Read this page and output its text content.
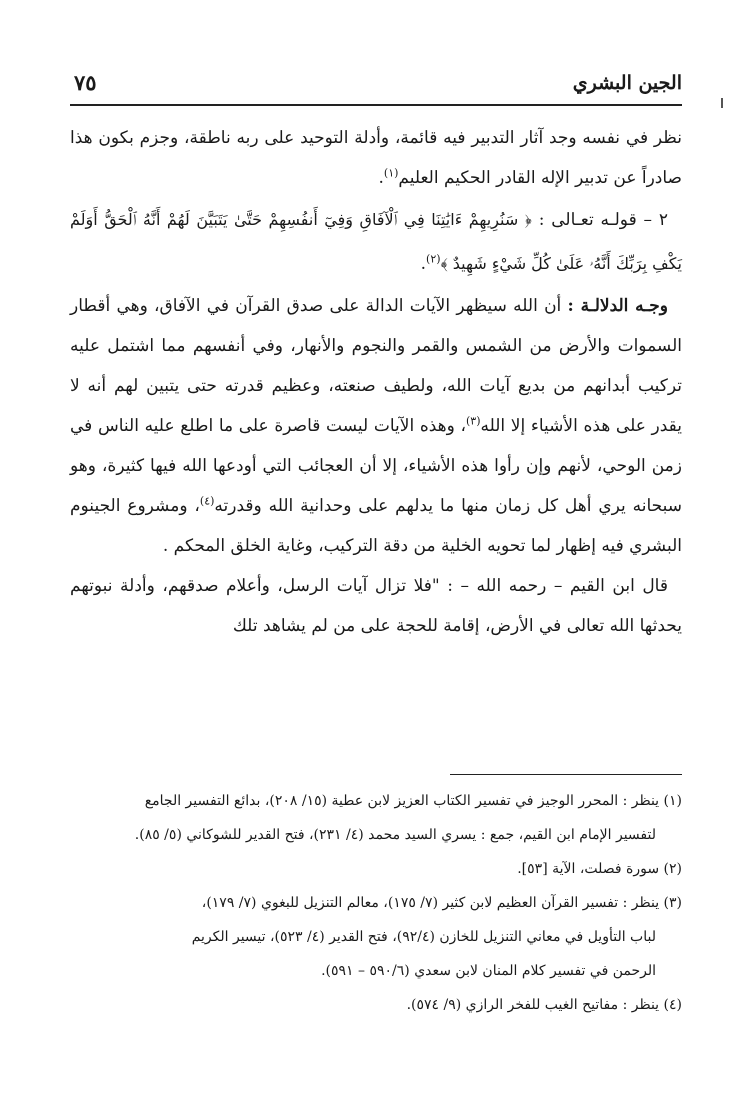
الجين البشري
٧٥

نظر في نفسه وجد آثار التدبير فيه قائمة، وأدلة التوحيد على ربه ناطقة، وجزم بكون هذا صادراً عن تدبير الإله القادر الحكيم العليم$^{(١)}$.

٢ – قولـه تعـالى : ﴿ سَنُرِيهِمْ ءَايَٰتِنَا فِي ٱلْآفَاقِ وَفِيٓ أَنفُسِهِمْ حَتَّىٰ يَتَبَيَّنَ لَهُمْ أَنَّهُ ٱلْحَقُّ أَوَلَمْ يَكْفِ بِرَبِّكَ أَنَّهُۥ عَلَىٰ كُلِّ شَيْءٍ شَهِيدٌ ﴾$^{(٢)}$.

وجـه الدلالـة : أن الله سيظهر الآيات الدالة على صدق القرآن في الآفاق، وهي أقطار السموات والأرض من الشمس والقمر والنجوم والأنهار، وفي أنفسهم مما اشتمل عليه تركيب أبدانهم من بديع آيات الله، ولطيف صنعته، وعظيم قدرته حتى يتبين لهم أنه لا يقدر على هذه الأشياء إلا الله$^{(٣)}$، وهذه الآيات ليست قاصرة على ما اطلع عليه الناس في زمن الوحي، لأنهم وإن رأوا هذه الأشياء، إلا أن العجائب التي أودعها الله فيها كثيرة، وهو سبحانه يري أهل كل زمان منها ما يدلهم على وحدانية الله وقدرته$^{(٤)}$، ومشروع الجينوم البشري فيه إظهار لما تحويه الخلية من دقة التركيب، وغاية الخلق المحكم .

قال ابن القيم – رحمه الله – : "فلا تزال آيات الرسل، وأعلام صدقهم، وأدلة نبوتهم يحدثها الله تعالى في الأرض، إقامة للحجة على من لم يشاهد تلك

(١) ينظر : المحرر الوجيز في تفسير الكتاب العزيز لابن عطية (١٥/ ٢٠٨)، بدائع التفسير الجامع

لتفسير الإمام ابن القيم، جمع : يسري السيد محمد (٤/ ٢٣١)، فتح القدير للشوكاني (٥/ ٨٥).

(٢) سورة فصلت، الآية [٥٣].

(٣) ينظر : تفسير القرآن العظيم لابن كثير (٧/ ١٧٥)، معالم التنزيل للبغوي (٧/ ١٧٩)،

لباب التأويل في معاني التنزيل للخازن (٩٢/٤)، فتح القدير (٤/ ٥٢٣)، تيسير الكريم

الرحمن في تفسير كلام المنان لابن سعدي (٥٩٠/٦ – ٥٩١).

(٤) ينظر : مفاتيح الغيب للفخر الرازي (٩/ ٥٧٤).
